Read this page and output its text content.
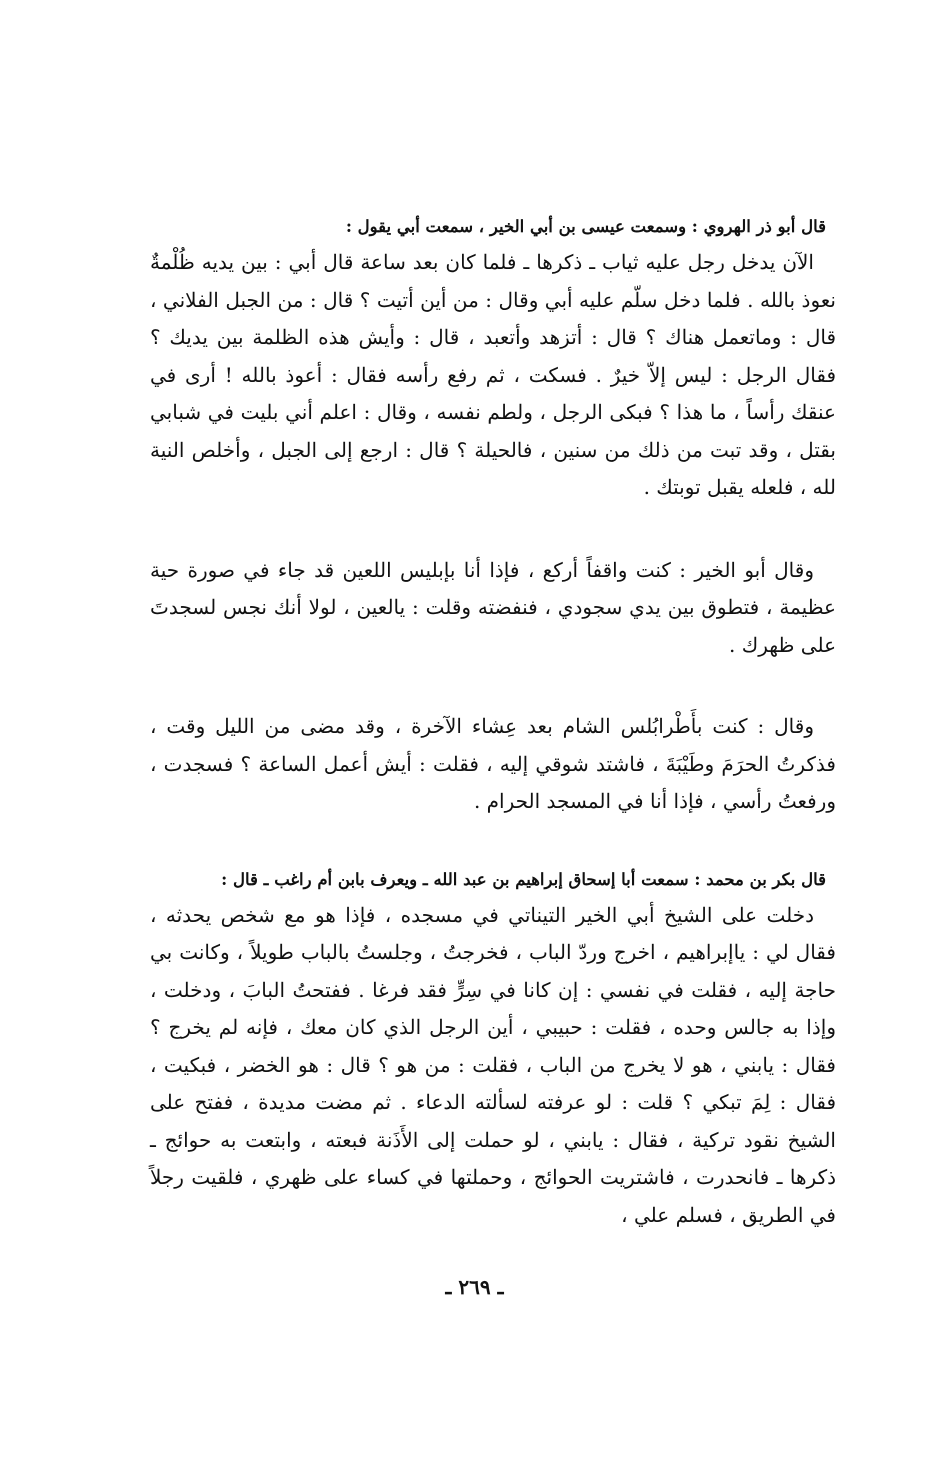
قال أبو ذر الهروي : وسمعت عيسى بن أبي الخير ، سمعت أبي يقول :

الآن يدخل رجل عليه ثياب ـ ذكرها ـ فلما كان بعد ساعة قال أبي : بين يديه ظُلْمةٌ نعوذ بالله . فلما دخل سلّم عليه أبي وقال : من أين أتيت ؟ قال : من الجبل الفلاني ، قال : وماتعمل هناك ؟ قال : أتزهد وأتعبد ، قال : وأيش هذه الظلمة بين يديك ؟ فقال الرجل : ليس إلاّ خيرٌ . فسكت ، ثم رفع رأسه فقال : أعوذ بالله ! أرى في عنقك رأساً ، ما هذا ؟ فبكى الرجل ، ولطم نفسه ، وقال : اعلم أني بليت في شبابي بقتل ، وقد تبت من ذلك من سنين ، فالحيلة ؟ قال : ارجع إلى الجبل ، وأخلص النية لله ، فلعله يقبل توبتك .

وقال أبو الخير : كنت واقفاً أركع ، فإذا أنا بإبليس اللعين قد جاء في صورة حية عظيمة ، فتطوق بين يدي سجودي ، فنفضته وقلت : يالعين ، لولا أنك نجس لسجدتَ على ظهرك .

وقال : كنت بأَطْرابُلس الشام بعد عِشاء الآخرة ، وقد مضى من الليل وقت ، فذكرتُ الحرَمَ وطَيْبَةَ ، فاشتد شوقي إليه ، فقلت : أيش أعمل الساعة ؟ فسجدت ، ورفعتُ رأسي ، فإذا أنا في المسجد الحرام .

قال بكر بن محمد : سمعت أبا إسحاق إبراهيم بن عبد الله ـ ويعرف بابن أم راغب ـ قال :

دخلت على الشيخ أبي الخير التيناتي في مسجده ، فإذا هو مع شخص يحدثه ، فقال لي : ياإبراهيم ، اخرج وردّ الباب ، فخرجتُ ، وجلستُ بالباب طويلاً ، وكانت بي حاجة إليه ، فقلت في نفسي : إن كانا في سِرٍّ فقد فرغا . ففتحتُ البابَ ، ودخلت ، وإذا به جالس وحده ، فقلت : حبيبي ، أين الرجل الذي كان معك ، فإنه لم يخرج ؟ فقال : يابني ، هو لا يخرج من الباب ، فقلت : من هو ؟ قال : هو الخضر ، فبكيت ، فقال : لِمَ تبكي ؟ قلت : لو عرفته لسألته الدعاء . ثم مضت مديدة ، ففتح على الشيخ نقود تركية ، فقال : يابني ، لو حملت إلى الأَذَنة فبعته ، وابتعت به حوائج ـ ذكرها ـ فانحدرت ، فاشتريت الحوائج ، وحملتها في كساء على ظهري ، فلقيت رجلاً في الطريق ، فسلم علي ،

ـ ٢٦٩ ـ
